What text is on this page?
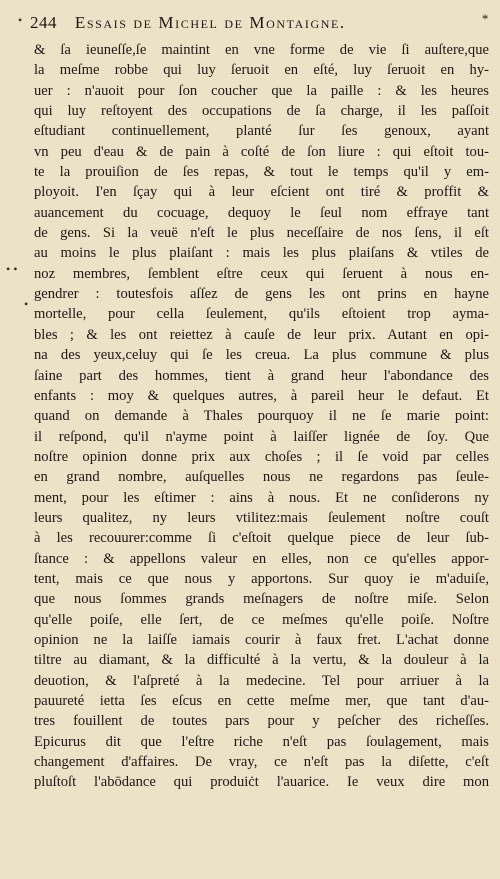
244 Essais de Michel de Montaigne.	*
•
• •
•
& ſa ieuneſſe,ſe maintint en vne forme de vie ſi auſtere,que
la meſme robbe qui luy ſeruoit en eſté, luy ſeruoit en hy-
uer : n'auoit pour ſon coucher que la paille : & les heures
qui luy reſtoyent des occupations de ſa charge, il les paſſoit
eſtudiant continuellement, planté ſur ſes genoux, ayant
vn peu d'eau & de pain à coſté de ſon liure : qui eſtoit tou-
te la prouiſion de ſes repas, & tout le temps qu'il y em-
ployoit. I'en ſçay qui à leur eſcient ont tiré & proffit &
auancement du cocuage, dequoy le ſeul nom effraye tant
de gens. Si la veuë n'eſt le plus neceſſaire de nos ſens, il eſt
au moins le plus plaiſant : mais les plus plaiſans & vtiles de
noz membres, ſemblent eſtre ceux qui ſeruent à nous en-
gendrer : toutesfois aſſez de gens les ont prins en hayne
mortelle, pour cella ſeulement, qu'ils eſtoient trop ayma-
bles ; & les ont reiettez à cauſe de leur prix. Autant en opi-
na des yeux,celuy qui ſe les creua. La plus commune & plus
ſaine part des hommes, tient à grand heur l'abondance des
enfants : moy & quelques autres, à pareil heur le defaut. Et
quand on demande à Thales pourquoy il ne ſe marie point:
il reſpond, qu'il n'ayme point à laiſſer lignée de ſoy. Que
noſtre opinion donne prix aux choſes ; il ſe void par celles
en grand nombre, auſquelles nous ne regardons pas ſeule-
ment, pour les eſtimer : ains à nous. Et ne conſiderons ny
leurs qualitez, ny leurs vtilitez:mais ſeulement noſtre couſt
à les recouurer:comme ſi c'eſtoit quelque piece de leur ſub-
ſtance : & appellons valeur en elles, non ce qu'elles appor-
tent, mais ce que nous y apportons. Sur quoy ie m'aduiſe,
que nous ſommes grands meſnagers de noſtre miſe. Selon
qu'elle poiſe, elle ſert, de ce meſmes qu'elle poiſe. Noſtre
opinion ne la laiſſe iamais courir à faux fret. L'achat donne
tiltre au diamant, & la difficulté à la vertu, & la douleur à la
deuotion, & l'aſpreté à la medecine. Tel pour arriuer à la
pauureté ietta ſes eſcus en cette meſme mer, que tant d'au-
tres fouillent de toutes pars pour y peſcher des richeſſes.
Epicurus dit que l'eſtre riche n'eſt pas ſoulagement, mais
changement d'affaires. De vray, ce n'eſt pas la diſette, c'eſt
pluſtoſt l'abōdance qui produiċt l'auarice. Ie veux dire mon
